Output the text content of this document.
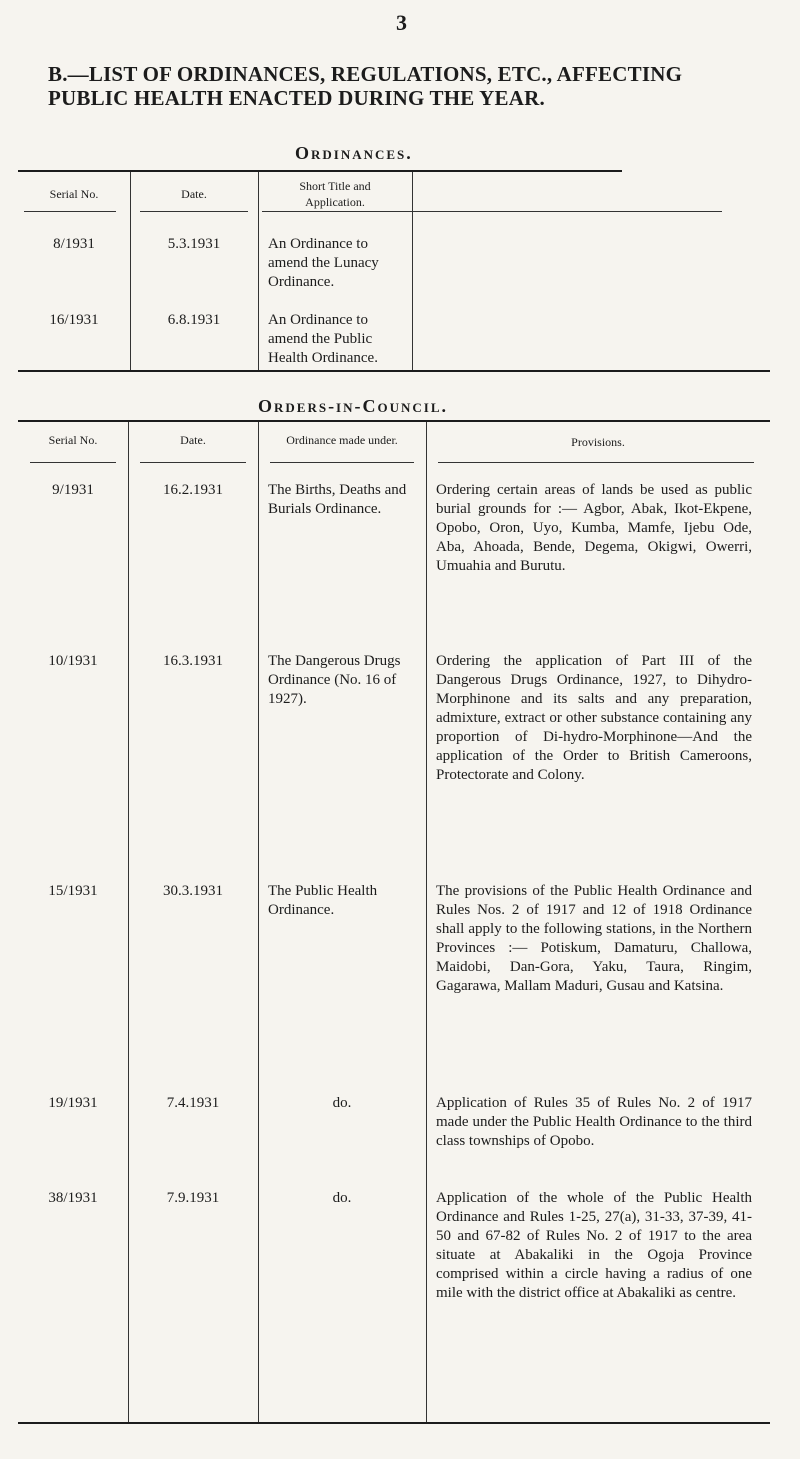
3
B.—LIST OF ORDINANCES, REGULATIONS, ETC., AFFECTING PUBLIC HEALTH ENACTED DURING THE YEAR.
Ordinances.
Serial No.	Date.
Short Title and Application.
8/1931	5.3.1931	An Ordinance to amend the Lunacy Ordinance.
16/1931	6.8.1931	An Ordinance to amend the Public Health Ordinance.
Orders-in-Council.
Serial No.	Date.	Ordinance made under.	Provisions.
9/1931	16.2.1931	The Births, Deaths and Burials Ordinance.
Ordering certain areas of lands be used as public burial grounds for :— Agbor, Abak, Ikot-Ekpene, Opobo, Oron, Uyo, Kumba, Mamfe, Ijebu Ode, Aba, Ahoada, Bende, Degema, Okigwi, Owerri, Umuahia and Burutu.
10/1931	16.3.1931	The Dangerous Drugs Ordinance (No. 16 of 1927).
Ordering the application of Part III of the Dangerous Drugs Ordinance, 1927, to Dihydro-Morphinone and its salts and any preparation, admixture, extract or other substance containing any proportion of Di-hydro-Morphinone—And the application of the Order to British Cameroons, Protectorate and Colony.
15/1931	30.3.1931	The Public Health Ordinance.
The provisions of the Public Health Ordinance and Rules Nos. 2 of 1917 and 12 of 1918 Ordinance shall apply to the following stations, in the Northern Provinces :— Potiskum, Damaturu, Challowa, Maidobi, Dan-Gora, Yaku, Taura, Ringim, Gagarawa, Mallam Maduri, Gusau and Katsina.
19/1931	7.4.1931	do.	Application of Rules 35 of Rules No. 2 of 1917 made under the Public Health Ordinance to the third class townships of Opobo.
38/1931	7.9.1931	do.	Application of the whole of the Public Health Ordinance and Rules 1-25, 27(a), 31-33, 37-39, 41-50 and 67-82 of Rules No. 2 of 1917 to the area situate at Abakaliki in the Ogoja Province comprised within a circle having a radius of one mile with the district office at Abakaliki as centre.
